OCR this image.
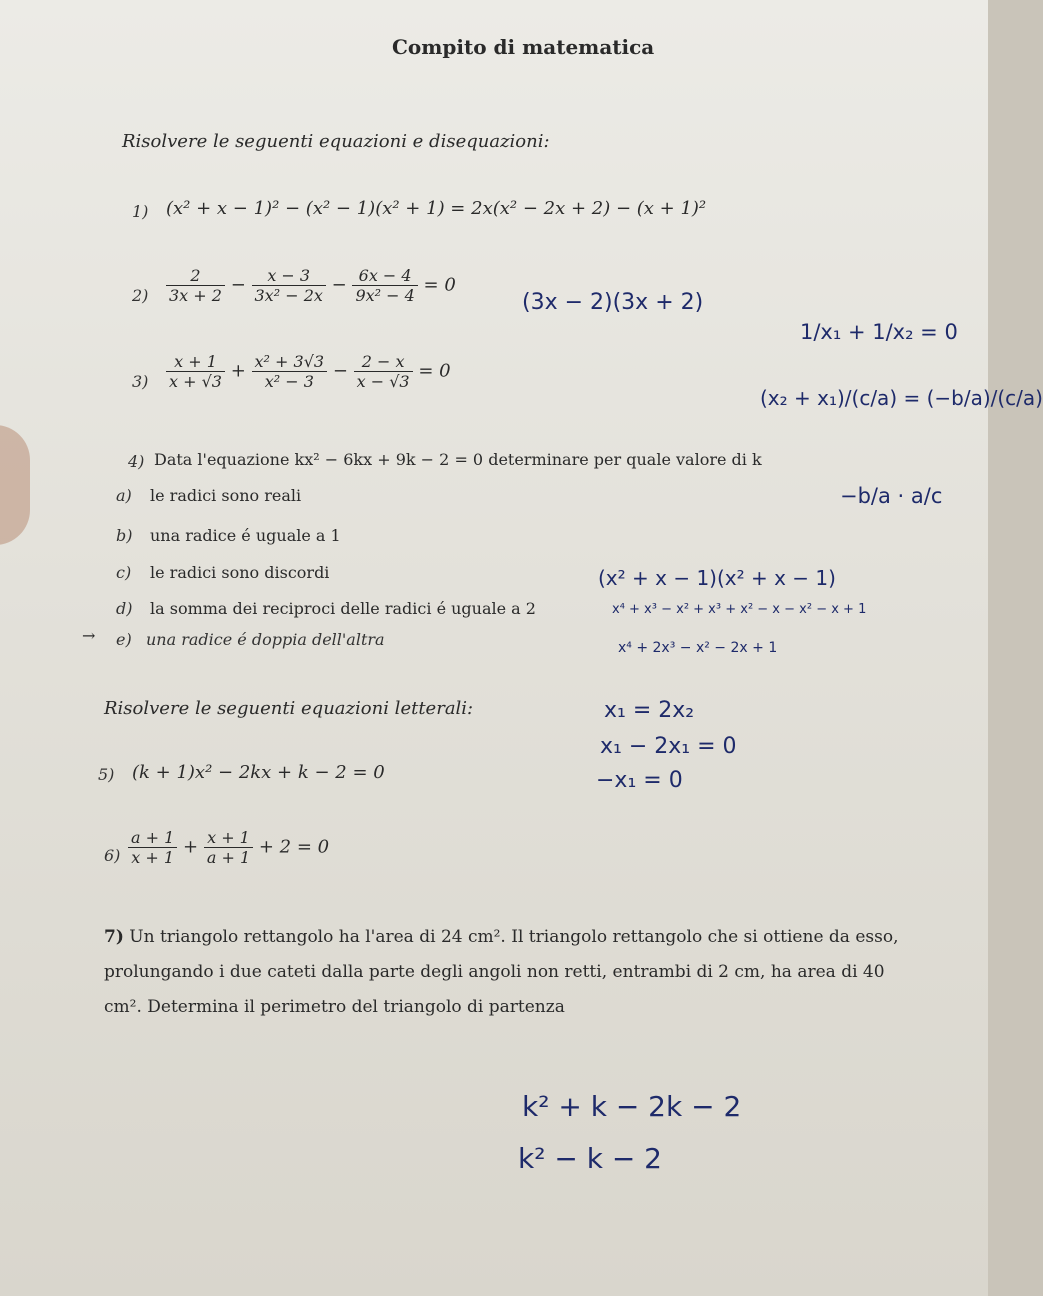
Compito di matematica
Risolvere le seguenti equazioni e disequazioni:
1) (x² + x − 1)² − (x² − 1)(x² + 1) = 2x(x² − 2x + 2) − (x + 1)²
$2) \frac{2}{3x + 2} - \frac{x - 3}{\text{3x² − 2x}} - \frac{6x - 4}{\text{9x² − 4}} = 0$
$3) \frac{x + 1}{x + √3} + \frac{\text{x² + 3√3}}{\text{x² − 3}} - \frac{2 - x}{x - √3} = 0$
4) Data l'equazione kx² − 6kx + 9k − 2 = 0 determinare per quale valore di k
a) le radici sono reali
b) una radice é uguale a 1
c) le radici sono discordi
d) la somma dei reciproci delle radici é uguale a 2
→ e) una radice é doppia dell'altra
Risolvere le seguenti equazioni letterali:
5) (k + 1)x² − 2kx + k − 2 = 0
$6) \frac{a + 1}{x + 1} + \frac{x + 1}{a + 1} + 2 = 0$
7) Un triangolo rettangolo ha l'area di 24 cm². Il triangolo rettangolo che si ottiene da esso, prolungando i due cateti dalla parte degli angoli non retti, entrambi di 2 cm, ha area di 40 cm². Determina il perimetro del triangolo di partenza
(3x − 2)(3x + 2)
1/x₁ + 1/x₂ = 0
(x₂ + x₁)/(c/a) = (−b/a)/(c/a)
−b/a · a/c
(x² + x − 1)(x² + x − 1)
x⁴ + x³ − x² + x³ + x² − x − x² − x + 1
x⁴ + 2x³ − x² − 2x + 1
x₁ = 2x₂
x₁ − 2x₁ = 0
−x₁ = 0
k² + k − 2k − 2
k² − k − 2
